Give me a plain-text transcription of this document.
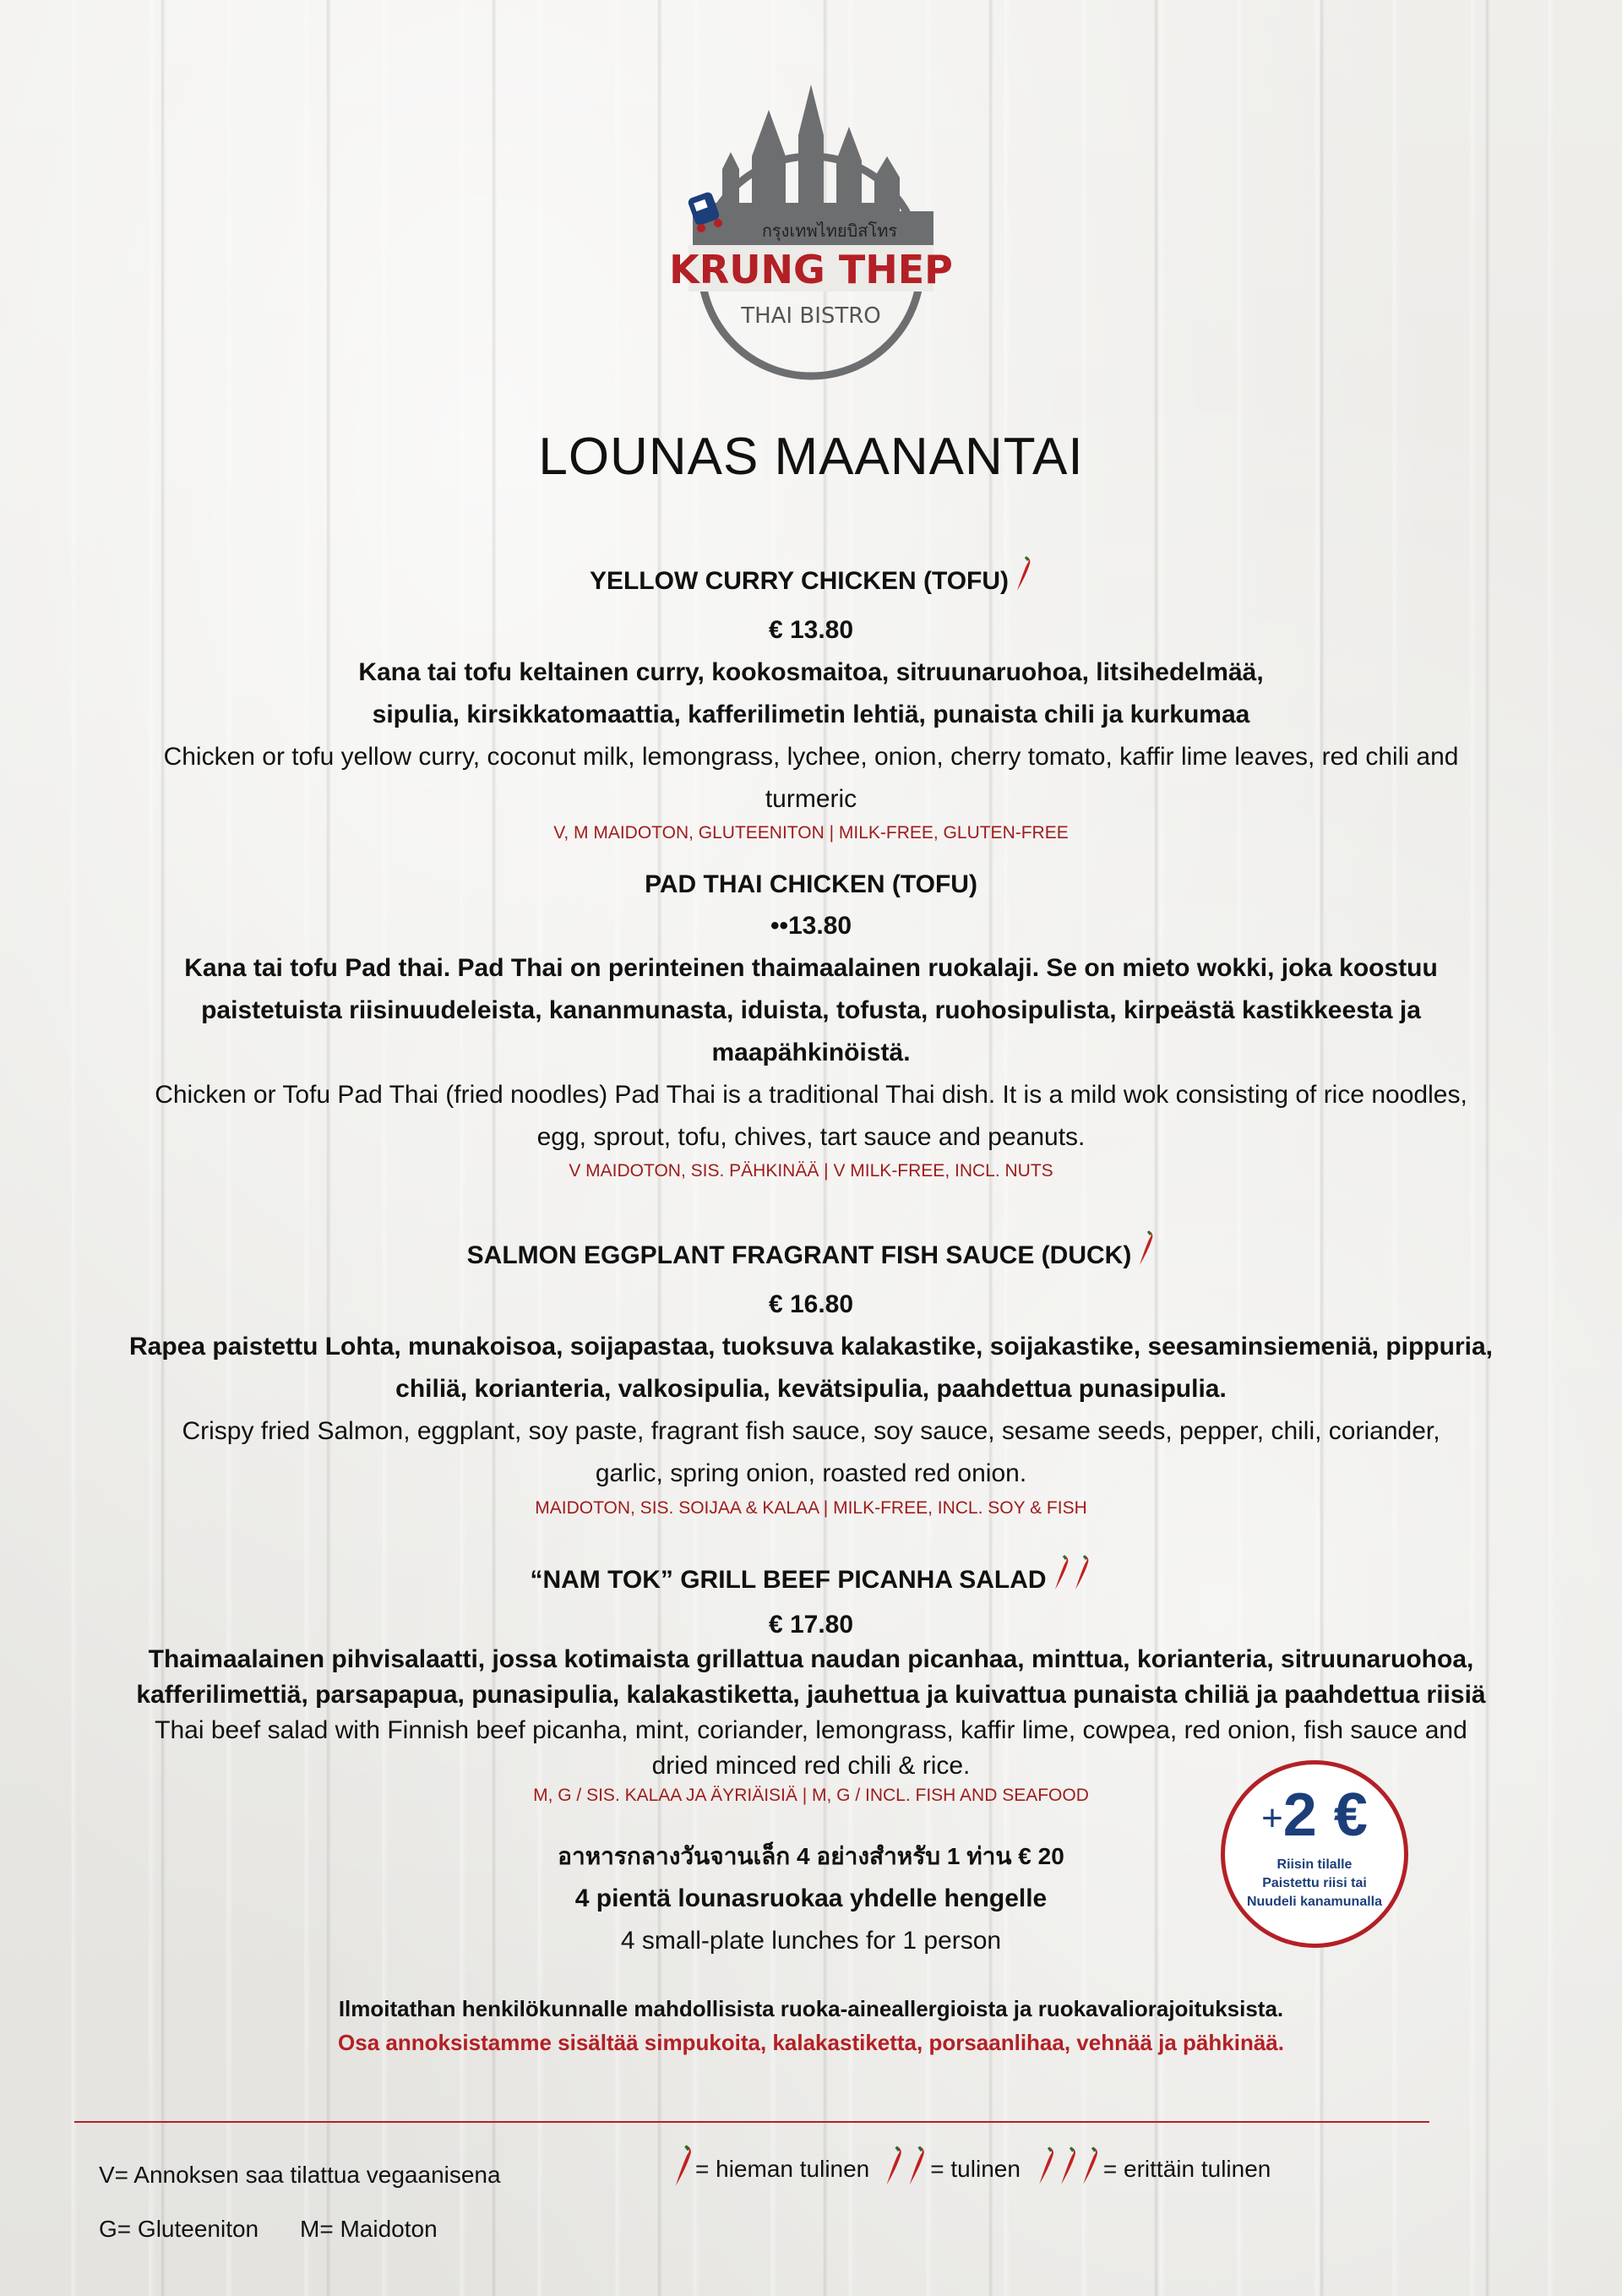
กรุงเทพไทยบิสโทร
KRUNG THEP
THAI BISTRO
LOUNAS MAANANTAI
YELLOW CURRY CHICKEN (TOFU)
€ 13.80
Kana tai tofu keltainen curry, kookosmaitoa, sitruunaruohoa, litsihedelmää,
sipulia, kirsikkatomaattia, kafferilimetin lehtiä, punaista chili ja kurkumaa
Chicken or tofu yellow curry, coconut milk, lemongrass, lychee, onion, cherry tomato, kaffir lime leaves, red chili and
turmeric
V, M MAIDOTON, GLUTEENITON | MILK-FREE, GLUTEN-FREE
PAD THAI CHICKEN (TOFU)
••13.80
Kana tai tofu Pad thai. Pad Thai on perinteinen thaimaalainen ruokalaji. Se on mieto wokki, joka koostuu
paistetuista riisinuudeleista, kananmunasta, iduista, tofusta, ruohosipulista, kirpeästä kastikkeesta ja
maapähkinöistä.
Chicken or Tofu Pad Thai (fried noodles) Pad Thai is a traditional Thai dish. It is a mild wok consisting of rice noodles,
egg, sprout, tofu, chives, tart sauce and peanuts.
V MAIDOTON, SIS. PÄHKINÄÄ | V MILK-FREE, INCL. NUTS
SALMON EGGPLANT FRAGRANT FISH SAUCE (DUCK)
€ 16.80
Rapea paistettu Lohta, munakoisoa, soijapastaa, tuoksuva kalakastike, soijakastike, seesaminsiemeniä, pippuria,
chiliä, korianteria, valkosipulia, kevätsipulia, paahdettua punasipulia.
Crispy fried Salmon, eggplant, soy paste, fragrant fish sauce, soy sauce, sesame seeds, pepper, chili, coriander,
garlic, spring onion, roasted red onion.
MAIDOTON, SIS. SOIJAA & KALAA | MILK-FREE, INCL. SOY & FISH
“NAM TOK” GRILL BEEF PICANHA SALAD
€ 17.80
Thaimaalainen pihvisalaatti, jossa kotimaista grillattua naudan picanhaa, minttua, korianteria, sitruunaruohoa,
kafferilimettiä, parsapapua, punasipulia, kalakastiketta, jauhettua ja kuivattua punaista chiliä ja paahdettua riisiä
Thai beef salad with Finnish beef picanha, mint, coriander, lemongrass, kaffir lime, cowpea, red onion, fish sauce and
dried minced red chili & rice.
M, G / SIS. KALAA JA ÄYRIÄISIÄ | M, G / INCL. FISH AND SEAFOOD
อาหารกลางวันจานเล็ก 4 อย่างสำหรับ 1 ท่าน € 20
4 pientä lounasruokaa yhdelle hengelle
4 small-plate lunches for 1 person
+2 €
Riisin tilalle
Paistettu riisi tai
Nuudeli kanamunalla
Ilmoitathan henkilökunnalle mahdollisista ruoka-aineallergioista ja ruokavaliorajoituksista.
Osa annoksistamme sisältää simpukoita, kalakastiketta, porsaanlihaa, vehnää ja pähkinää.
V= Annoksen saa tilattua vegaanisena
G= Gluteeniton M= Maidoton
= hieman tulinen	= tulinen	= erittäin tulinen
